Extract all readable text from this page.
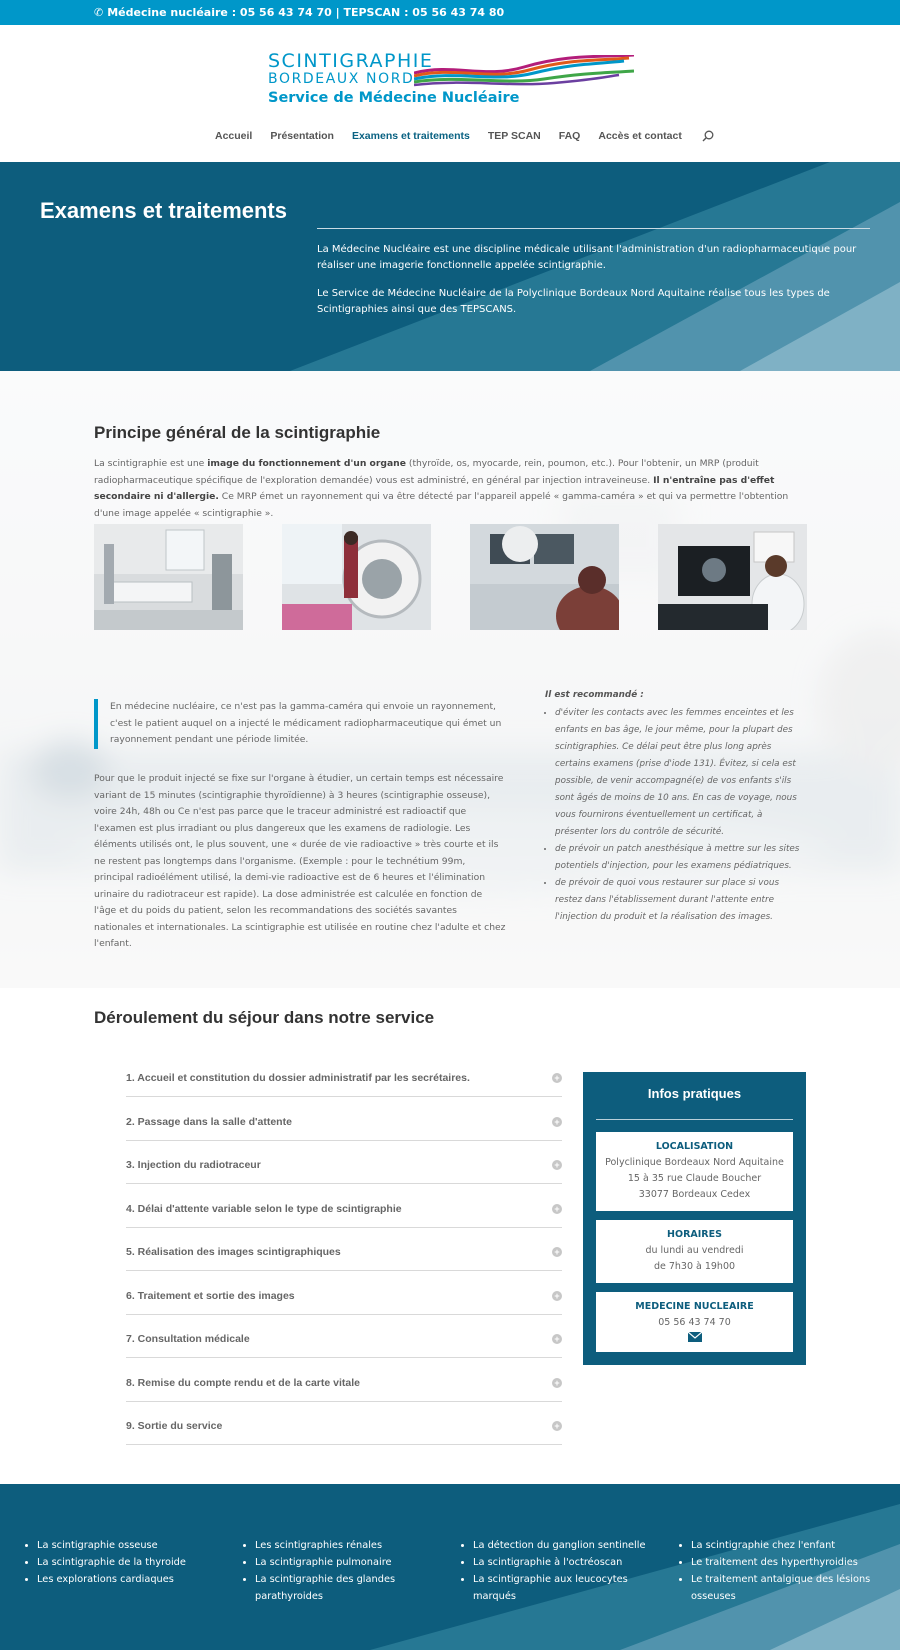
✆ Médecine nucléaire : 05 56 43 74 70 | TEPSCAN : 05 56 43 74 80
SCINTIGRAPHIE
BORDEAUX NORD
Service de Médecine Nucléaire
Accueil Présentation Examens et traitements TEP SCAN FAQ Accès et contact
Examens et traitements

La Médecine Nucléaire est une discipline médicale utilisant l'administration d'un radiopharmaceutique pour réaliser une imagerie fonctionnelle appelée scintigraphie.

Le Service de Médecine Nucléaire de la Polyclinique Bordeaux Nord Aquitaine réalise tous les types de Scintigraphies ainsi que des TEPSCANS.

Principe général de la scintigraphie

La scintigraphie est une image du fonctionnement d'un organe (thyroïde, os, myocarde, rein, poumon, etc.). Pour l'obtenir, un MRP (produit radiopharmaceutique spécifique de l'exploration demandée) vous est administré, en général par injection intraveineuse. Il n'entraîne pas d'effet secondaire ni d'allergie. Ce MRP émet un rayonnement qui va être détecté par l'appareil appelé « gamma-caméra » et qui va permettre l'obtention d'une image appelée « scintigraphie ».

En médecine nucléaire, ce n'est pas la gamma-caméra qui envoie un rayonnement, c'est le patient auquel on a injecté le médicament radiopharmaceutique qui émet un rayonnement pendant une période limitée.

Pour que le produit injecté se fixe sur l'organe à étudier, un certain temps est nécessaire variant de 15 minutes (scintigraphie thyroïdienne) à 3 heures (scintigraphie osseuse), voire 24h, 48h ou Ce n'est pas parce que le traceur administré est radioactif que l'examen est plus irradiant ou plus dangereux que les examens de radiologie. Les éléments utilisés ont, le plus souvent, une « durée de vie radioactive » très courte et ils ne restent pas longtemps dans l'organisme. (Exemple : pour le technétium 99m, principal radioélément utilisé, la demi-vie radioactive est de 6 heures et l'élimination urinaire du radiotraceur est rapide). La dose administrée est calculée en fonction de l'âge et du poids du patient, selon les recommandations des sociétés savantes nationales et internationales. La scintigraphie est utilisée en routine chez l'adulte et chez l'enfant.

Il est recommandé :
• d'éviter les contacts avec les femmes enceintes et les enfants en bas âge, le jour même, pour la plupart des scintigraphies. Ce délai peut être plus long après certains examens (prise d'iode 131). Évitez, si cela est possible, de venir accompagné(e) de vos enfants s'ils sont âgés de moins de 10 ans. En cas de voyage, nous vous fournirons éventuellement un certificat, à présenter lors du contrôle de sécurité.
• de prévoir un patch anesthésique à mettre sur les sites potentiels d'injection, pour les examens pédiatriques.
• de prévoir de quoi vous restaurer sur place si vous restez dans l'établissement durant l'attente entre l'injection du produit et la réalisation des images.
Déroulement du séjour dans notre service
1. Accueil et constitution du dossier administratif par les secrétaires.	+
2. Passage dans la salle d'attente	+
3. Injection du radiotraceur	+
4. Délai d'attente variable selon le type de scintigraphie	+
5. Réalisation des images scintigraphiques	+
6. Traitement et sortie des images	+
7. Consultation médicale	+
8. Remise du compte rendu et de la carte vitale	+
9. Sortie du service	+
Infos pratiques
LOCALISATION
Polyclinique Bordeaux Nord Aquitaine
15 à 35 rue Claude Boucher
33077 Bordeaux Cedex
HORAIRES
du lundi au vendredi
de 7h30 à 19h00
MEDECINE NUCLEAIRE
05 56 43 74 70
• La scintigraphie osseuse
• La scintigraphie de la thyroide
• Les explorations cardiaques
• Les scintigraphies rénales
• La scintigraphie pulmonaire
• La scintigraphie des glandes parathyroides
• La détection du ganglion sentinelle
• La scintigraphie à l'octréoscan
• La scintigraphie aux leucocytes marqués
• La scintigraphie chez l'enfant
• Le traitement des hyperthyroidies
• Le traitement antalgique des lésions osseuses
